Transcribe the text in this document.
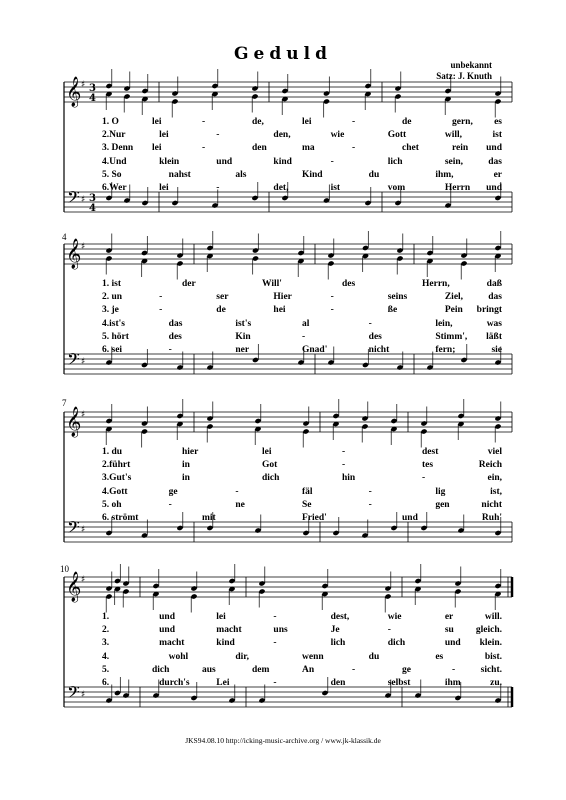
Geduld
unbekannt
Satz: J. Knuth
𝄞
𝄢
♯
♯
3
4
3
4
1. O	lei	-	de,	lei	-	de	gern, es
2.Nur	lei	-	den,	wie	Gott	will,	ist
3. Denn lei	-	den	ma	-	chet	rein und
4.Und	klein	und	kind	-	lich	sein,	das
5. So	nahst	als	Kind	du	ihm,	er
6.Wer	lei	-	det,	ist	vom	Herrn und
4
𝄞
𝄢
♯
♯
1. ist	der	Will'	des	Herrn,	daß
2. un	-	ser	Hier	-	seins	Ziel,	das
3. je	-	de	hei	-	ße	Pein bringt
4.ist's	das	ist's	al	-	lein,	was
5. hört	des	Kin	-	des	Stimm', läßt
6. sei	-	ner	Gnad'	nicht	fern;	sie
7
𝄞
𝄢
♯
♯
1. du	hier	lei	-	dest	viel
2.führt	in	Got	-	tes	Reich
3.Gut's	in	dich	hin	-	ein,
4.Gott	ge	-	fäl	-	lig	ist,
5. oh	-	ne	Se	-	gen	nicht
6. strömt	mit	Fried'	und	Ruh'
10
𝄞
𝄢
♯
♯
1.	und	lei	-	dest,	wie	er	will.
2.	und	macht	uns	Je	-	su gleich.
3.	macht	kind	-	lich	dich	und klein.
4.	wohl	dir,	wenn	du	es	bist.
5.	dich	aus	dem	An	-	ge	-	sicht.
6.	durch's	Lei	-	den	selbst	ihm	zu.
JKS94.08.10 http://icking-music-archive.org / www.jk-klassik.de
